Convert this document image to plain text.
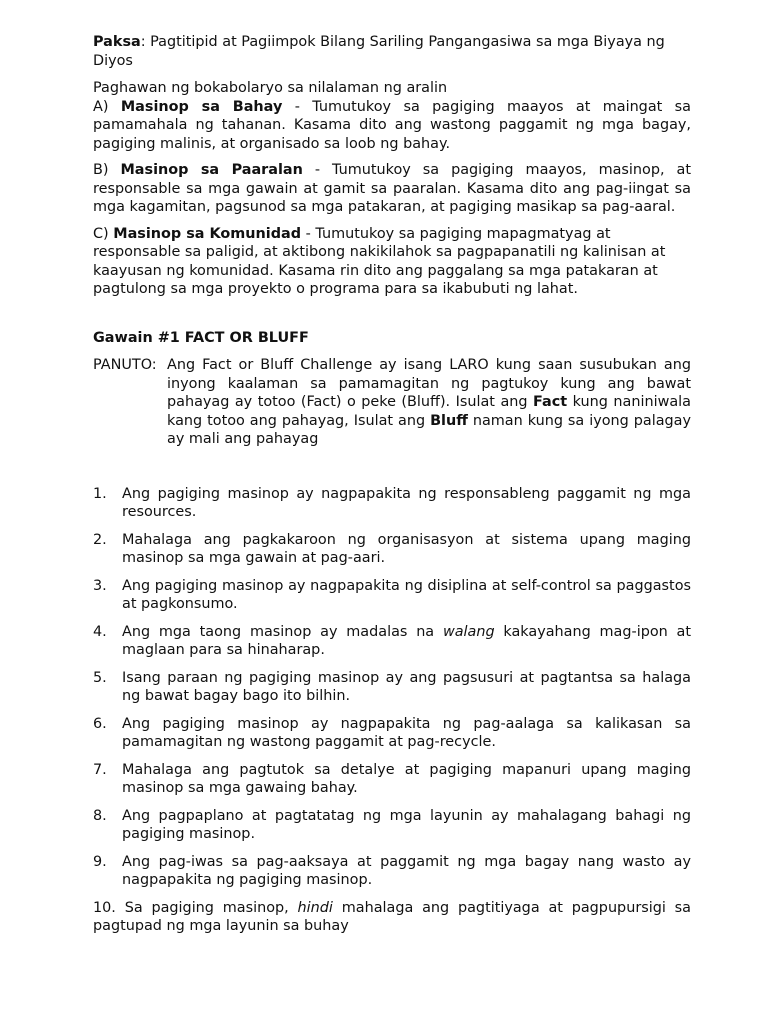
Paksa: Pagtitipid at Pagiimpok Bilang Sariling Pangangasiwa sa mga Biyaya ng Diyos

Paghawan ng bokabolaryo sa nilalaman ng aralin

A) Masinop sa Bahay - Tumutukoy sa pagiging maayos at maingat sa pamamahala ng tahanan. Kasama dito ang wastong paggamit ng mga bagay, pagiging malinis, at organisado sa loob ng bahay.

B) Masinop sa Paaralan - Tumutukoy sa pagiging maayos, masinop, at responsable sa mga gawain at gamit sa paaralan. Kasama dito ang pag-iingat sa mga kagamitan, pagsunod sa mga patakaran, at pagiging masikap sa pag-aaral.

C) Masinop sa Komunidad - Tumutukoy sa pagiging mapagmatyag at responsable sa paligid, at aktibong nakikilahok sa pagpapanatili ng kalinisan at kaayusan ng komunidad. Kasama rin dito ang paggalang sa mga patakaran at pagtulong sa mga proyekto o programa para sa ikabubuti ng lahat.

Gawain #1 FACT OR BLUFF

PANUTO: Ang Fact or Bluff Challenge ay isang LARO kung saan susubukan ang inyong kaalaman sa pamamagitan ng pagtukoy kung ang bawat pahayag ay totoo (Fact) o peke (Bluff). Isulat ang Fact kung naniniwala kang totoo ang pahayag, Isulat ang Bluff naman kung sa iyong palagay ay mali ang pahayag
1.	Ang pagiging masinop ay nagpapakita ng responsableng paggamit ng mga resources.
2.	Mahalaga ang pagkakaroon ng organisasyon at sistema upang maging masinop sa mga gawain at pag-aari.
3.	Ang pagiging masinop ay nagpapakita ng disiplina at self-control sa paggastos at pagkonsumo.
4.	Ang mga taong masinop ay madalas na walang kakayahang mag-ipon at maglaan para sa hinaharap.
5.	Isang paraan ng pagiging masinop ay ang pagsusuri at pagtantsa sa halaga ng bawat bagay bago ito bilhin.
6.	Ang pagiging masinop ay nagpapakita ng pag-aalaga sa kalikasan sa pamamagitan ng wastong paggamit at pag-recycle.
7.	Mahalaga ang pagtutok sa detalye at pagiging mapanuri upang maging masinop sa mga gawaing bahay.
8.	Ang pagpaplano at pagtatatag ng mga layunin ay mahalagang bahagi ng pagiging masinop.
9.	Ang pag-iwas sa pag-aaksaya at paggamit ng mga bagay nang wasto ay nagpapakita ng pagiging masinop.

10. Sa pagiging masinop, hindi mahalaga ang pagtitiyaga at pagpupursigi sa pagtupad ng mga layunin sa buhay
